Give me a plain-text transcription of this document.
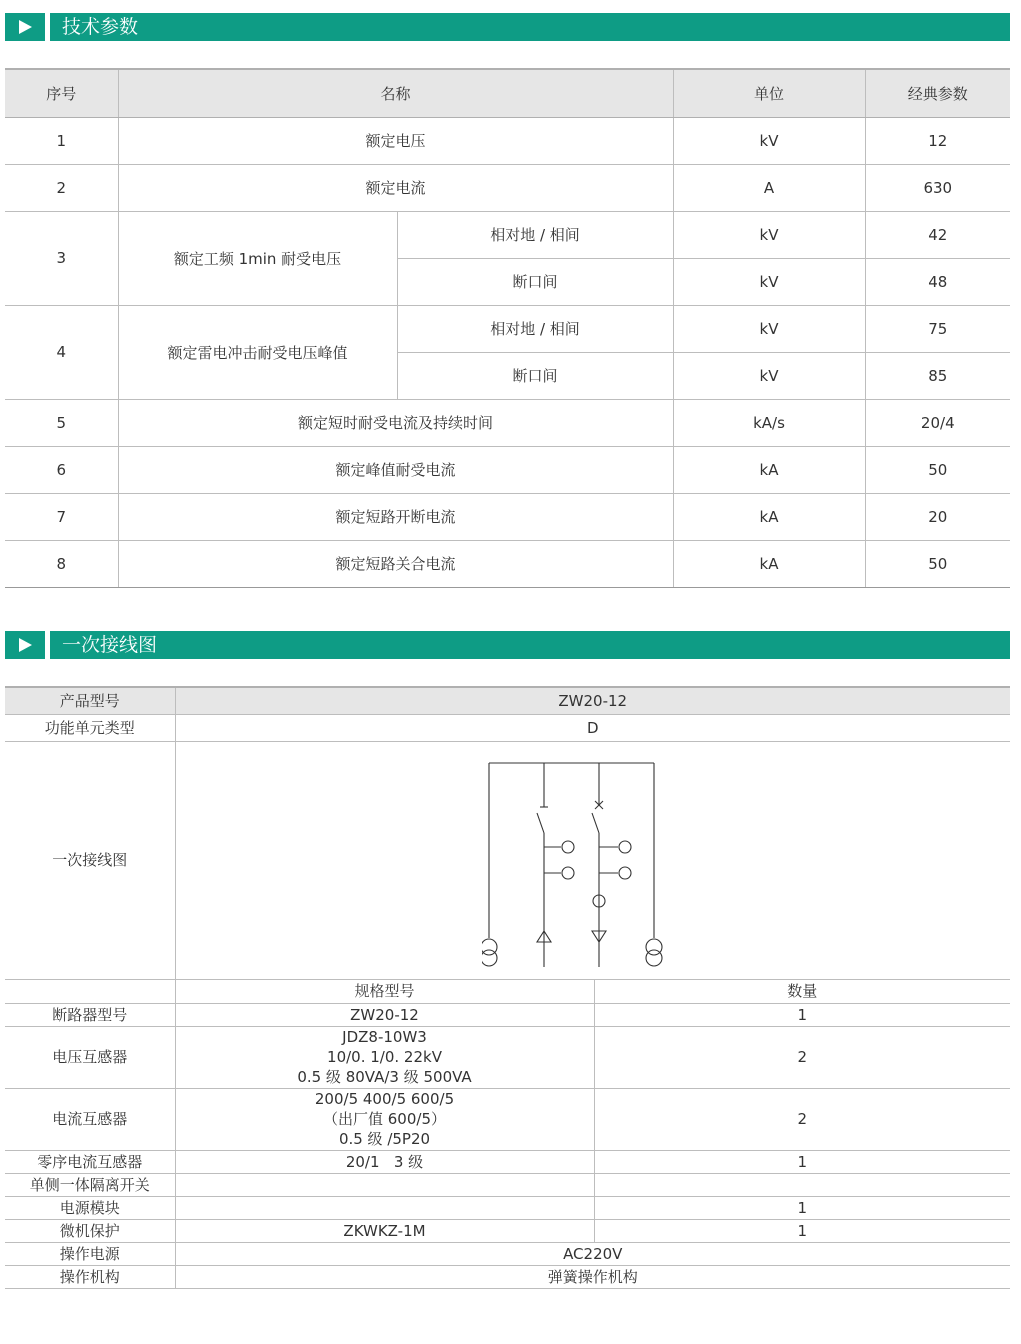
技术参数
序号	名称		单位	经典参数
1	额定电压		kV	12
2	额定电流		A	630
3	额定工频 1min 耐受电压	相对地 / 相间	kV	42
		断口间	kV	48
4	额定雷电冲击耐受电压峰值	相对地 / 相间	kV	75
		断口间	kV	85
5	额定短时耐受电流及持续时间		kA/s	20/4
6	额定峰值耐受电流		kA	50
7	额定短路开断电流		kA	20
8	额定短路关合电流		kA	50
一次接线图
产品型号	ZW20-12	
功能单元类型	D	
一次接线图	

	规格型号	数量
断路器型号	ZW20-12	1
电压互感器	JDZ8-10W3
10/0. 1/0. 22kV
0.5 级 80VA/3 级 500VA	2
电流互感器	200/5 400/5 600/5
（出厂值 600/5）
0.5 级 /5P20	2
零序电流互感器	20/1   3 级	1
单侧一体隔离开关		
电源模块		1
微机保护	ZKWKZ-1M	1
操作电源	AC220V	
操作机构	弹簧操作机构	
